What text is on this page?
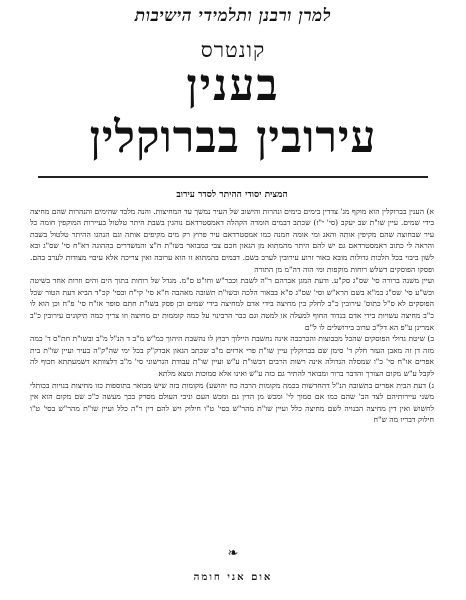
למרן ורבנן ותלמידי הישיבות
קונטרס
בענין
עירובין בברוקלין
המצית יסודי ההיתר לסדר עירוב

א) הענין בברוקלין הוא מוקף מג' צדדין בימים בימים ונהרות והישוב של העיר נמשך עד המחיצות. והנה מלבד שהימים והנהרות שהם מחיצה בידי שמים. עיין שו"ת שב יעקב (סי' י"ז) שכתב דבמים הומדה הקהלה דאמסטרדאם נוהגין בשבת היתר טלטול בעיירות המוקפין חומה כל עיר שבחוצה שהם מקיפין אותה והאג ומי אומה חמנה כמו אמסטרדאם עיר פרוץ רק מים מקיפים אותה וגם הנהגו ההיתר טלטול בשבת והראה לי כתוב ראמסטרדאם גם יש להם היתר מהמתוא מן הגאון חכם צבי כמבואר בשו"ת ח"צ והמשדרים בההוגה דא"ח סי' שס"ג ובא לשון ביבוי בכל הלכות גדולות מובא באור זרוע עירובין לערב בשם. דבמים בהמתוא זו הוא ערובה ואין צריכה אלא עיבוי מצודות לערב בהם. ופסקו הפוסקים דשלש רוחות מוקפות ומי הוה דה"מ מן התורה

ועיין משנה ברורה סי' שס"ג סק"ע. ודעת המגן אברהם ר"ה לשבת וכבר"ש וחו"ט ס"מ. מגדל של רוחות בתוך הים והים וזרות אחד בשיטה וכש"ע סי' שס"ג במ"א בשם הרא"ש וסי' שס"ג ס"א בבאור הלכה ובשו"ת תשובה מאהבה ח"א סי' קי"ח ובסי' קכ"ד הביא דעת הטור שכל הפוסקים לא ס"ל כתוס' עירובין כ"ב לחלק בין מחיצה בידי אדם למחיצה בידי שמים וכן פסק בשו"ת חתם סופר או"ח סי' פ"ח וכן הוא לו כ"ב מחיצה עשויות בידי אדם בנדוד החוף למעלה או למטה וגם כבר הרבינוי על כמה קוממות ים מחיצה וזו צריך כמה תיקונים עירובין כ"ב אמרינן ע"פ הא דל"כ ערוב בירושלים לו ל"ם

ב) שיטת גדולי הפוסקים שהכל מכבוצות והכרכבה אינה נחשבת היילוך רבוץ לו נהשבת היהוך כמ"ש מ"ב ד הנ"ל מ"ב ובשו"ת חת"ס ד' כמה מזה דן זה מאבן העזר חלק ד' סימן שם בברוקלין עיין שו"ת פרי ארזים מ"ב שכתב הגאון אבדק"ק בכל ימי שה"ק"ה בעיר ועיין שו"ת בית אפרים או"ח סי' כ"ו שמסלה הגדולה אינה רשות הרבים דבשו"ת ע"ש ועיין שו"ת עבודת הגרשוני סי' מ"ב דלצוותא דשמעתתא חכוף לה לקבל ע"ש מקום הצורך והדבר ברור ומבואר להתיר גם כזה ע"ש ואינו אלא סמוכות ומצא מלתא

ג) דעת הבית אפרים בתשובה הנ"ל דהחדשות בכמה מקומות הרבה כח יהושע) מקומות בזה שיש מבואר בתוספות כזו מחיצות בנויות בכותלי משני עיירותיהם לצד הב' שהם כמו אם סמוך לי' ומכש מן הדין גם ומכש העם וניבי העולם מסרק בכך מעשה כ"כ שם מקום הוא אין לחשוש ואין דין מחיצה הבנויה לשם מחיצה כלל ועיין שו"ת מהר"ש בסי' ט"ו חילוק ויש להם דין ר"ה כלל ועיין שו"ת מהר"ש בסי' ט"ו חילוק דבריו מה ש"ח

❧
אום אני חומה
